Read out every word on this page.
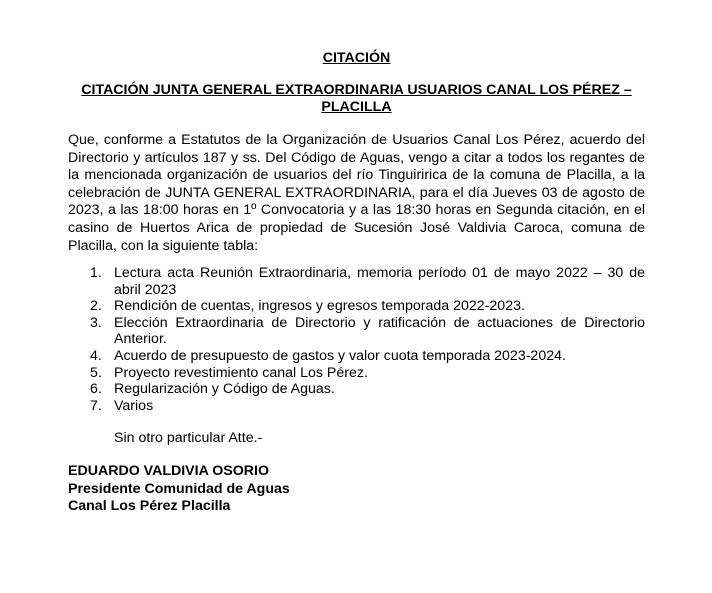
CITACIÓN
CITACIÓN JUNTA GENERAL EXTRAORDINARIA USUARIOS CANAL LOS PÉREZ –
PLACILLA

Que, conforme a Estatutos de la Organización de Usuarios Canal Los Pérez, acuerdo del Directorio y artículos 187 y ss. Del Código de Aguas, vengo a citar a todos los regantes de la mencionada organización de usuarios del río Tinguiririca de la comuna de Placilla, a la celebración de JUNTA GENERAL EXTRAORDINARIA, para el día Jueves 03 de agosto de 2023, a las 18:00 horas en 1º Convocatoria y a las 18:30 horas en Segunda citación, en el casino de Huertos Arica de propiedad de Sucesión José Valdivia Caroca, comuna de Placilla, con la siguiente tabla:

1. Lectura acta Reunión Extraordinaria, memoria período 01 de mayo 2022 – 30 de abril 2023
2. Rendición de cuentas, ingresos y egresos temporada 2022-2023.
3. Elección Extraordinaria de Directorio y ratificación de actuaciones de Directorio Anterior.
4. Acuerdo de presupuesto de gastos y valor cuota temporada 2023-2024.
5. Proyecto revestimiento canal Los Pérez.
6. Regularización y Código de Aguas.
7. Varios

Sin otro particular Atte.-

EDUARDO VALDIVIA OSORIO
Presidente Comunidad de Aguas
Canal Los Pérez Placilla
